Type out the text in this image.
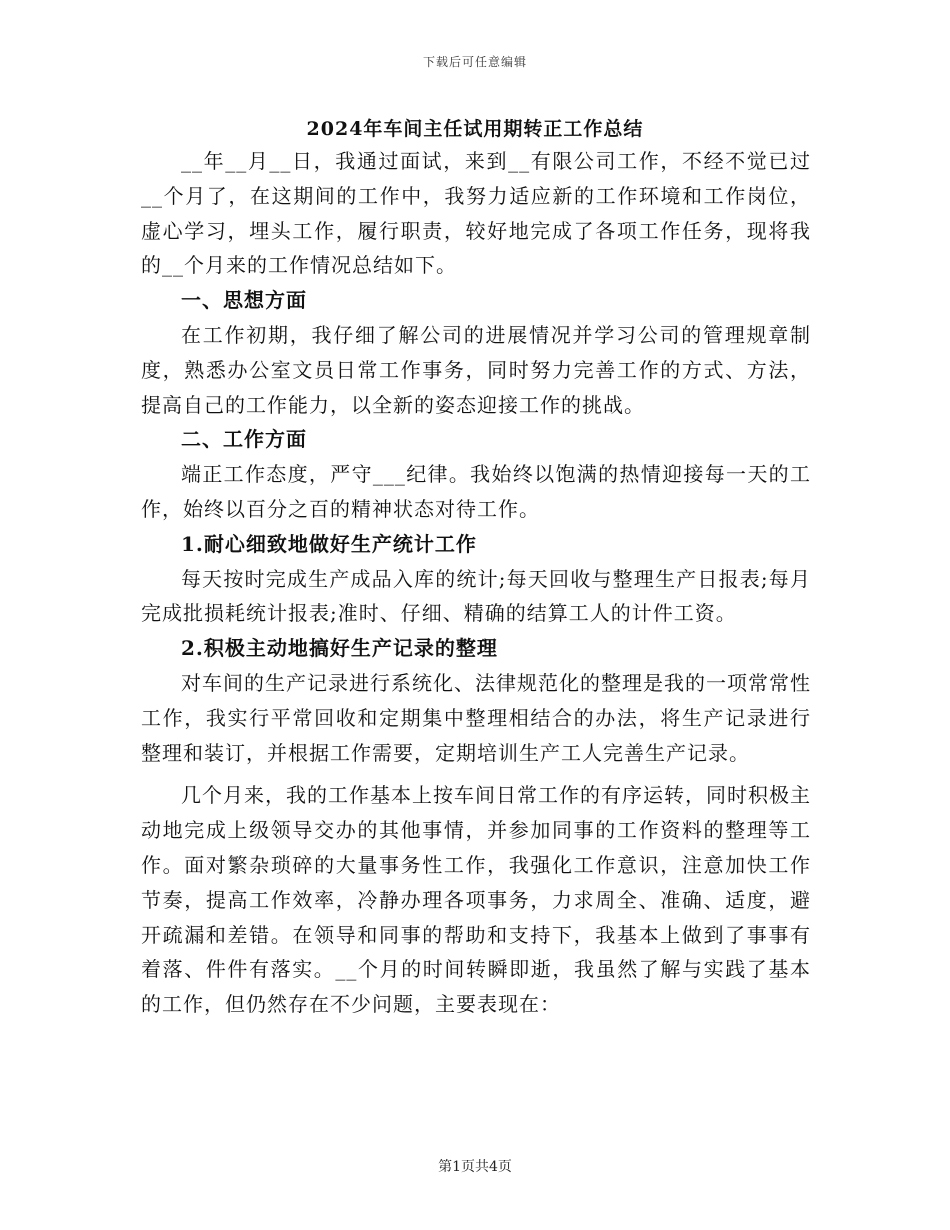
下载后可任意编辑
2024年车间主任试用期转正工作总结

__年__月__日，我通过面试，来到__有限公司工作，不经不觉已过__个月了，在这期间的工作中，我努力适应新的工作环境和工作岗位，虚心学习，埋头工作，履行职责，较好地完成了各项工作任务，现将我的__个月来的工作情况总结如下。

一、思想方面

在工作初期，我仔细了解公司的进展情况并学习公司的管理规章制度，熟悉办公室文员日常工作事务，同时努力完善工作的方式、方法，提高自己的工作能力，以全新的姿态迎接工作的挑战。

二、工作方面

端正工作态度，严守___纪律。我始终以饱满的热情迎接每一天的工作，始终以百分之百的精神状态对待工作。

1.耐心细致地做好生产统计工作

每天按时完成生产成品入库的统计;每天回收与整理生产日报表;每月完成批损耗统计报表;准时、仔细、精确的结算工人的计件工资。

2.积极主动地搞好生产记录的整理

对车间的生产记录进行系统化、法律规范化的整理是我的一项常常性工作，我实行平常回收和定期集中整理相结合的办法，将生产记录进行整理和装订，并根据工作需要，定期培训生产工人完善生产记录。

几个月来，我的工作基本上按车间日常工作的有序运转，同时积极主动地完成上级领导交办的其他事情，并参加同事的工作资料的整理等工作。面对繁杂琐碎的大量事务性工作，我强化工作意识，注意加快工作节奏，提高工作效率，冷静办理各项事务，力求周全、准确、适度，避开疏漏和差错。在领导和同事的帮助和支持下，我基本上做到了事事有着落、件件有落实。__个月的时间转瞬即逝，我虽然了解与实践了基本的工作，但仍然存在不少问题，主要表现在：

第1页共4页
